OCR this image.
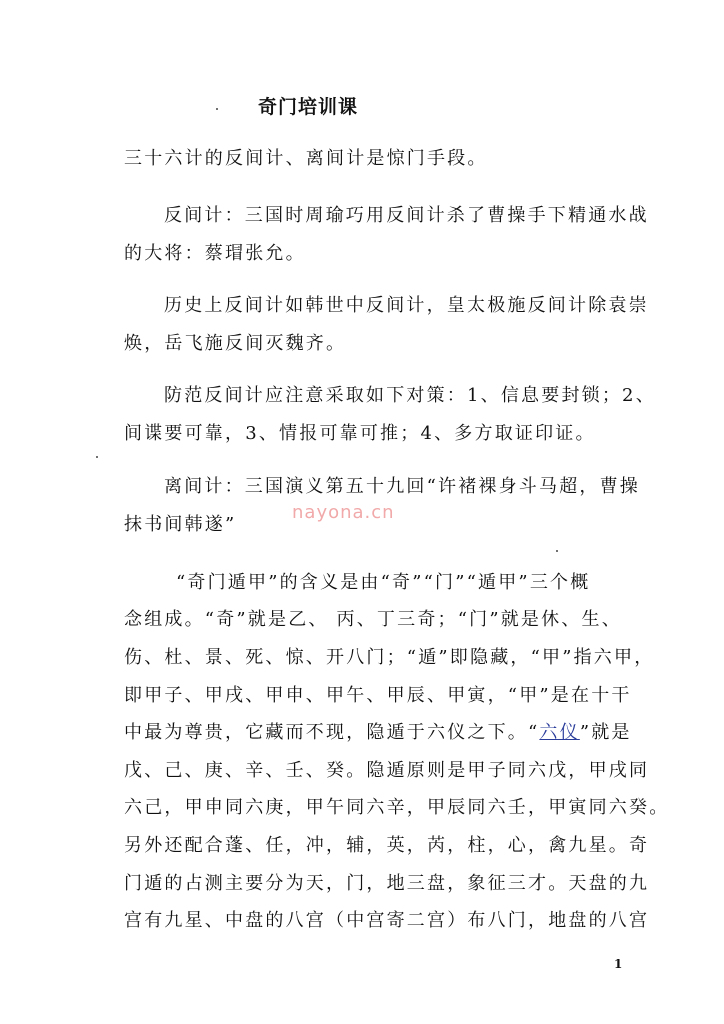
奇门培训课

三十六计的反间计、离间计是惊门手段。

反间计：三国时周瑜巧用反间计杀了曹操手下精通水战

的大将：蔡瑁张允。

历史上反间计如韩世中反间计，皇太极施反间计除袁崇

焕，岳飞施反间灭魏齐。

防范反间计应注意采取如下对策：1、信息要封锁；2、

间谍要可靠，3、情报可靠可推；4、多方取证印证。

离间计：三国演义第五十九回“许褚裸身斗马超，曹操

抹书间韩遂”

nayona.cn

“奇门遁甲”的含义是由“奇”“门”“遁甲”三个概

念组成。“奇”就是乙、 丙、丁三奇；“门”就是休、生、

伤、杜、景、死、惊、开八门；“遁”即隐藏，“甲”指六甲，

即甲子、甲戌、甲申、甲午、甲辰、甲寅，“甲”是在十干

中最为尊贵，它藏而不现，隐遁于六仪之下。“六仪”就是

戊、己、庚、辛、壬、癸。隐遁原则是甲子同六戊，甲戌同

六己，甲申同六庚，甲午同六辛，甲辰同六壬，甲寅同六癸。

另外还配合蓬、任，冲，辅，英，芮，柱，心，禽九星。奇

门遁的占测主要分为天，门，地三盘，象征三才。天盘的九

宫有九星、中盘的八宫（中宫寄二宫）布八门，地盘的八宫

1
